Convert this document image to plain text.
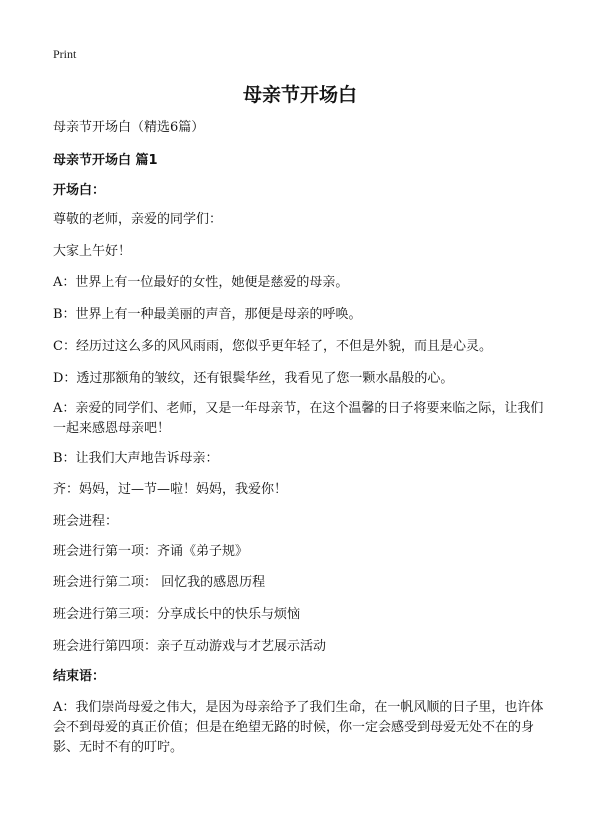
Print
母亲节开场白
母亲节开场白（精选6篇）
母亲节开场白 篇1
开场白：
尊敬的老师，亲爱的同学们：
大家上午好！
A：世界上有一位最好的女性，她便是慈爱的母亲。
B：世界上有一种最美丽的声音，那便是母亲的呼唤。
C：经历过这么多的风风雨雨，您似乎更年轻了，不但是外貌，而且是心灵。
D：透过那额角的皱纹，还有银鬓华丝，我看见了您一颗水晶般的心。
A：亲爱的同学们、老师，又是一年母亲节，在这个温馨的日子将要来临之际，让我们一起来感恩母亲吧！
B：让我们大声地告诉母亲：
齐：妈妈，过—节—啦！妈妈，我爱你！
班会进程：
班会进行第一项：齐诵《弟子规》
班会进行第二项： 回忆我的感恩历程
班会进行第三项：分享成长中的快乐与烦恼
班会进行第四项：亲子互动游戏与才艺展示活动
结束语：
A：我们崇尚母爱之伟大，是因为母亲给予了我们生命，在一帆风顺的日子里，也许体会不到母爱的真正价值；但是在绝望无路的时候，你一定会感受到母爱无处不在的身影、无时不有的叮咛。
